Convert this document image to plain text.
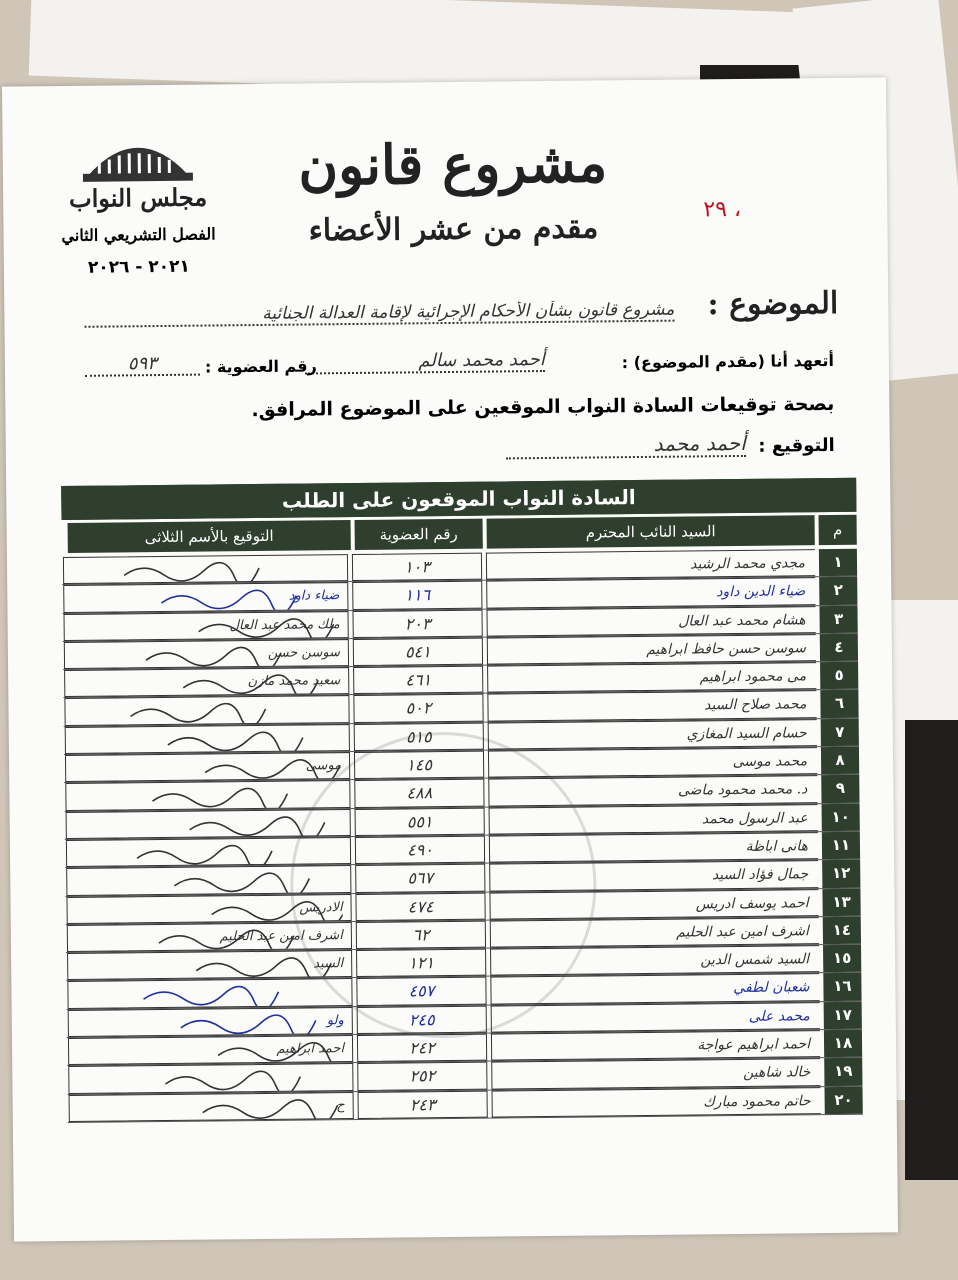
مجلس النواب
الفصل التشريعي الثاني
٢٠٢١ - ٢٠٢٦
مشروع قانون
مقدم من عشر الأعضاء
٢٩ ،
الموضوع :
مشروع قانون بشأن الأحكام الإجرائية لإقامة العدالة الجنائية
أتعهد أنا (مقدم الموضوع) :
أحمد محمد سالم
رقم العضوية :
٥٩٣
بصحة توقيعات السادة النواب الموقعين على الموضوع المرافق.
التوقيع :
أحمد محمد
السادة النواب الموقعون على الطلب
م
السيد النائب المحترم
رقم العضوية
التوقيع بالأسم الثلاثى
١
مجدي محمد الرشيد
١٠٣
٢
ضياء الدين داود
١١٦
ضياء داود
٣
هشام محمد عبد العال
٢٠٣
ملك محمد عبد العال
٤
سوسن حسن حافظ ابراهيم
٥٤١
سوسن حسن
٥
مى محمود ابراهيم
٤٦١
سعيد محمد مازن
٦
محمد صلاح السيد
٥٠٢
٧
حسام السيد المغازي
٥١٥
٨
محمد موسى
١٤٥
موسى
٩
د. محمد محمود ماضى
٤٨٨
١٠
عبد الرسول محمد
٥٥١
١١
هانى اباظة
٤٩٠
١٢
جمال فؤاد السيد
٥٦٧
١٣
احمد يوسف ادريس
٤٧٤
الادريس
١٤
اشرف امين عبد الحليم
٦٢
اشرف امين عبد الحليم
١٥
السيد شمس الدين
١٢١
السيد
١٦
شعبان لطفي
٤٥٧
١٧
محمد على
٢٤٥
ولو
١٨
احمد ابراهيم عواجة
٢٤٢
احمد ابراهيم
١٩
خالد شاهين
٢٥٢
٢٠
حاتم محمود مبارك
٢٤٣
ح
